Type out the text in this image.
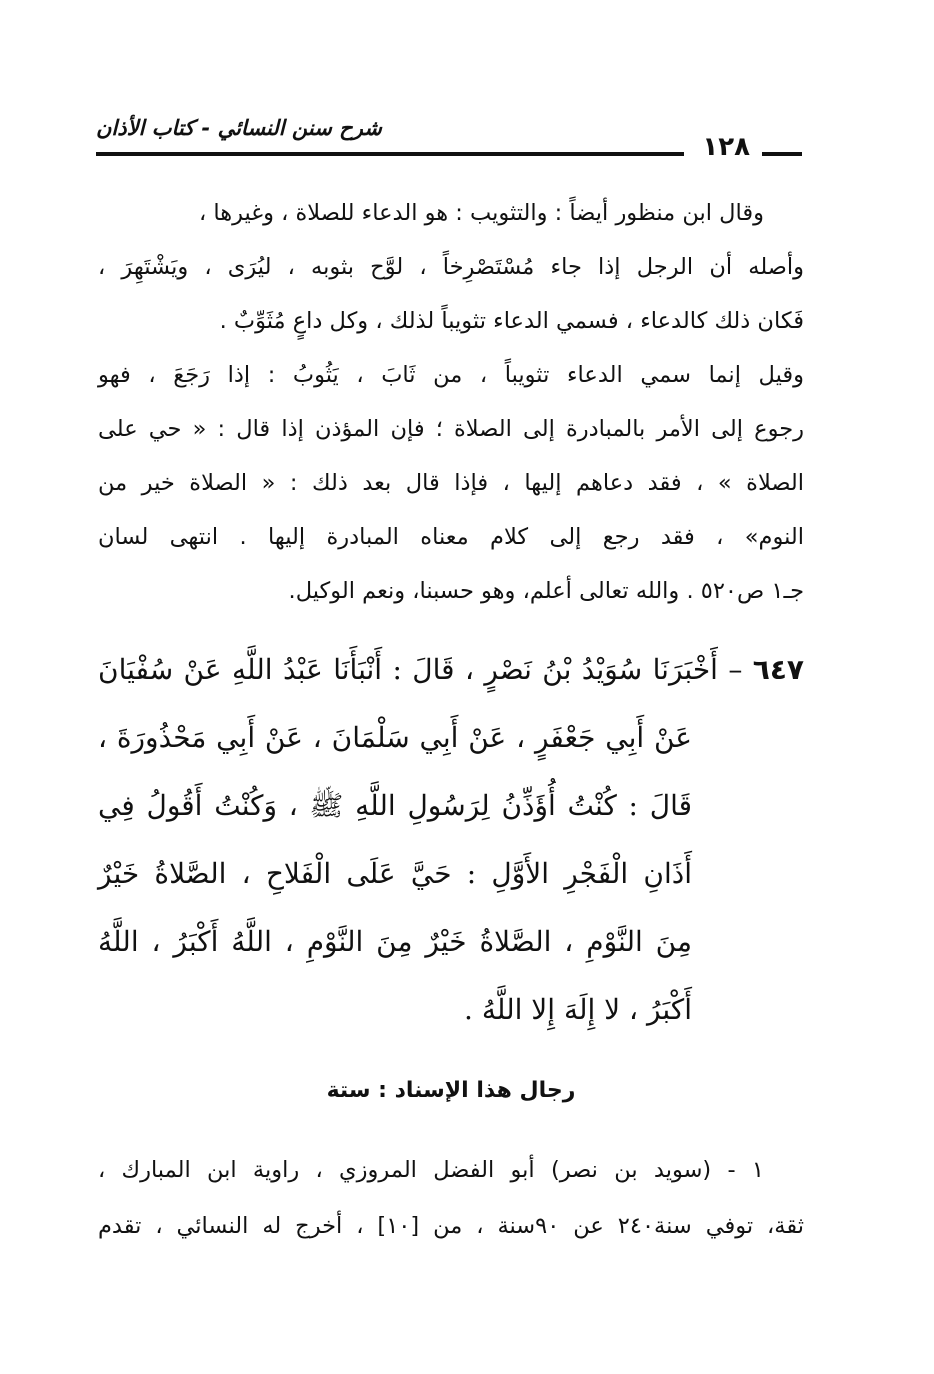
شرح سنن النسائي - كتاب الأذان
١٢٨

وقال ابن منظور أيضاً : والتثويب : هو الدعاء للصلاة ، وغيرها ،

وأصله أن الرجل إذا جاء مُسْتَصْرِخاً ، لوَّح بثوبه ، ليُرَى ، ويَشْتَهِرَ ،

فَكان ذلك كالدعاء ، فسمي الدعاء تثويباً لذلك ، وكل داعٍ مُثَوِّبٌ .

وقيل إنما سمي الدعاء تثويباً ، من ثَابَ ، يَثُوبُ : إذا رَجَعَ ، فهو

رجوع إلى الأمر بالمبادرة إلى الصلاة ؛ فإن المؤذن إذا قال : « حي على

الصلاة » ، فقد دعاهم إليها ، فإذا قال بعد ذلك : « الصلاة خير من

النوم» ، فقد رجع إلى كلام معناه المبادرة إليها . انتهى لسان

جـ١ ص٥٢٠ . والله تعالى أعلم، وهو حسبنا، ونعم الوكيل.

٦٤٧ – أَخْبَرَنَا سُوَيْدُ بْنُ نَصْرٍ ، قَالَ : أَنْبَأَنَا عَبْدُ اللَّهِ عَنْ سُفْيَانَ

عَنْ أَبِي جَعْفَرٍ ، عَنْ أَبِي سَلْمَانَ ، عَنْ أَبِي مَحْذُورَةَ ،

قَالَ : كُنْتُ أُؤَذِّنُ لِرَسُولِ اللَّهِ ﷺ ، وَكُنْتُ أَقُولُ فِي

أَذَانِ الْفَجْرِ الأَوَّلِ : حَيَّ عَلَى الْفَلاحِ ، الصَّلاةُ خَيْرٌ

مِنَ النَّوْمِ ، الصَّلاةُ خَيْرٌ مِنَ النَّوْمِ ، اللَّهُ أَكْبَرُ ، اللَّهُ

أَكْبَرُ ، لا إِلَهَ إِلا اللَّهُ .

رجال هذا الإسناد : ستة

١ - (سويد بن نصر) أبو الفضل المروزي ، راوية ابن المبارك ،

ثقة، توفي سنة٢٤٠ عن ٩٠سنة ، من [١٠] ، أخرج له النسائي ، تقدم
